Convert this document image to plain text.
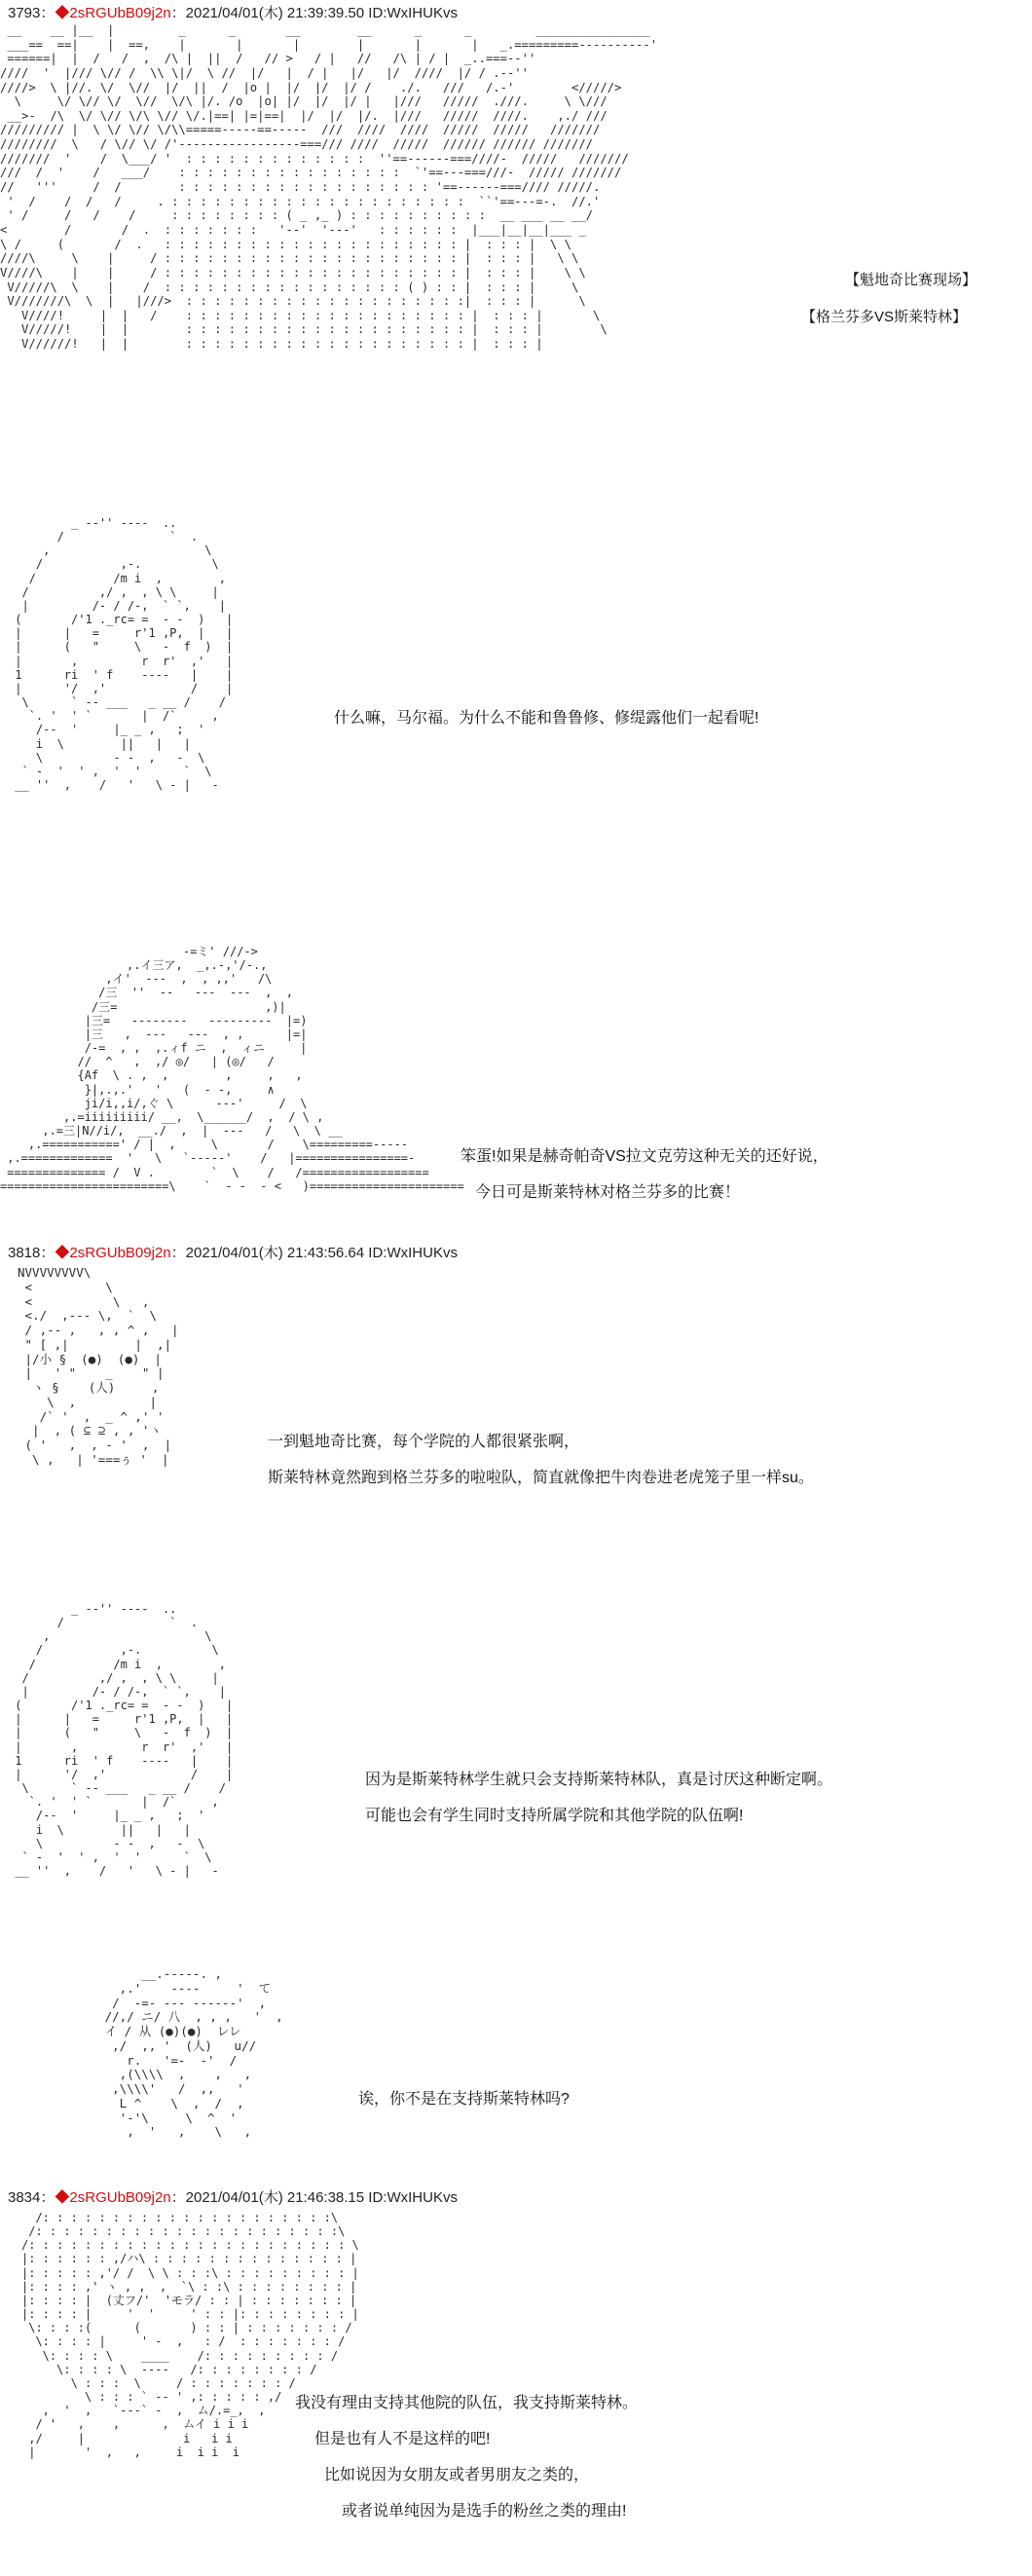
3793：◆2sRGUbB09j2n：2021/04/01(木) 21:39:39.50 ID:WxIHUKvs
__    __ |__  |         _      _       __        __      _      _         ________________
___==  ==|    |  ==,    |       |       |        |       |       |   _.=========----------'
======|  |  /   /  ,  /\ |  ||  /   // >   / |   //   /\ | / |  _..===--''
////  '  |/// \// /  \\ \|/  \ //  |/   |  / |   |/   |/  ////  |/ / .--''
////>  \ |//. \/  \//  |/  ||  /  |o |  |/  |/  |/ /    ./.   ///   /.-'        </////>
\     \/ \// \/  \//  \/\ |/. /o  |o| |/  |/  |/ |   |///   /////  .///.     \ \///
__>-  /\  \/ \// \/\ \// \/.|==| |=|==|  |/  |/  |/.  |///   /////  ////.    ,./ ///
///////// |  \ \/ \// \/\\=====-----==-----  ///  ////  ////  /////  /////   ///////
////////  \   / \// \/ /'-----------------===/// ////  /////  ////// ////// ///////
///////  '    /  \___/ '  : : : : : : : : : : : : :  ''==------===////-  /////   ///////
///  /  '    /   ___/    : : : : : : : : : : : : : : : :  `'==---===///-  ///// ///////
//   '''     /  /        : : : : : : : : : : : : : : : : : : '==------===//// /////.
'  /    /  /   /     . : : : : : : : : : : : : : : : : : : : : :  ``'==---=-.  //.'
' /     /   /    /     : : : : : : : : ( _ ,_ ) : : : : : : : : : :  __ ___ __ __/
<        /       /  .  : : : : : : :   '--'  '---'   : : : : : :  |___|__|__|___ _
\ /     (       /  .   : : : : : : : : : : : : : : : : : : : : : |  : : : |  \ \
////\     \    |     / : : : : : : : : : : : : : : : : : : : : : |  : : : |   \ \
V////\    |    |     / : : : : : : : : : : : : : : : : : : : : : |  : : : |    \ \
V/////\  \    |    /  : : : : : : : : : : : : : : : : : ( ) : : |  : : : |     \
V///////\  \  |   |///>  : : : : : : : : : : : : : : : : : : : :|  : : : |      \
V////!     |  |   /    : : : : : : : : : : : : : : : : : : : : |  : : : |       \
V/////!    |  |        : : : : : : : : : : : : : : : : : : : : |  : : : |        \
V//////!   |  |        : : : : : : : : : : : : : : : : : : : : |  : : : |

【魁地奇比赛现场】
【格兰芬多VS斯莱特林】
_ --'' ----  ..
/               `  .
,                      \
/           ,-.          \
/           /m i  ,        ,
/          ,/ ,  , \ \     |
|         /- / /-,  ` `,    |
(       /'1 ._rc= =  - -  )   |
|      |   =     r'1 ,P,  |   |
|      (   "     \   -  f  )  |
|       ,         r  r'  ,'   |
1      ri  ' f    ----   |    |
|      '/  ,'            /    |
\      ` -- ___   _ __ /    /
`. '  ' `       |  /`     ,
/--  '     |_ _ ,   ;  '
i  \        ||   |   |
\          - -  ,   -  \
` -  '  ' ,  '  '      `  \
__ ''  ,    /   '   \ - |   -

什么嘛，马尔福。为什么不能和鲁鲁修、修缇露他们一起看呢!
-=ミ' ///->
,.イ三ア,  _,.-,'/-.,
,イ'  ---  ,  , ,,'   /\
/三  ''  --   ---  ---  ,  ,
/三=                     ,)|
|三=   --------   ---------  |=)
|三   ,  ---   ---  , ,      |=|
/-=  , ,  ,.ィf ニ  ,  ィニ     |
//  ^   ,  ,/ ◎/   | (◎/   /
{Af  \ . ,  ,        ,     ,   ,
}|,.,.'   '   (  - -,     ∧
ji/i,,i/,ぐ \      ---'     /  \
,.=iiiiiiiii/ __,  \______/  ,  / \ ,
,.=三|N//i/,  __./  ,  |  ---   /   \  \ __
,.===========' / |  ,     \       /    \=========-----
,.=============  '   \   `-----'    /   |================-
============== /  V .        `  \    /   /==================
========================\    `  - -  - <   )======================

笨蛋!如果是赫奇帕奇VS拉文克劳这种无关的还好说，
今日可是斯莱特林对格兰芬多的比赛！
3818：◆2sRGUbB09j2n：2021/04/01(木) 21:43:56.64 ID:WxIHUKvs
NVVVVVVVV\
<          \
<           \   ,
<./  ,--- \,  `  \
/ ,-- ,   , , ^ ,   |
" [ ,|         |  ,|
|/小 §  (●)  (●)  |
|   ' "    _    " |
ヽ §    (人)     ,
\  ,          |
/` '  ,  _ ^ ,' '
|  , ( ⊆ ⊇ , , 'ヽ
( '   ,  , - '  ,  |
\ ,   | '===ぅ '  |

一到魁地奇比赛，每个学院的人都很紧张啊，
斯莱特林竟然跑到格兰芬多的啦啦队，简直就像把牛肉卷进老虎笼子里一样su。
_ --'' ----  ..
/               `  .
,                      \
/           ,-.          \
/           /m i  ,        ,
/          ,/ ,  , \ \     |
|         /- / /-,  ` `,    |
(       /'1 ._rc= =  - -  )   |
|      |   =     r'1 ,P,  |   |
|      (   "     \   -  f  )  |
|       ,         r  r'  ,'   |
1      ri  ' f    ----   |    |
|      '/  ,'            /    |
\      ` -- ___   _ __ /    /
`. '  ' `       |  /`     ,
/--  '     |_ _ ,   ;  '
i  \        ||   |   |
\          - -  ,   -  \
` -  '  ' ,  '  '      `  \
__ ''  ,    /   '   \ - |   -

因为是斯莱特林学生就只会支持斯莱特林队，真是讨厌这种断定啊。
可能也会有学生同时支持所属学院和其他学院的队伍啊!
__.-----. ,
,.'    ----     '  て
/  -=- --- ------'  ,
//,/ ニ/ 八  , , ,   '  ,
イ / 从 (●)(●)  レレ
,/  ,, '  (人)   u//
r.   '=-  -'  /
,(\\\\  ,    ,   ,
,\\\\'   /  ,,   '
L ^    \  ,  /  ,
'-'\     \  ^  '
,  '   ,    \   ,

诶，你不是在支持斯莱特林吗?
3834：◆2sRGUbB09j2n：2021/04/01(木) 21:46:38.15 ID:WxIHUKvs
/: : : : : : : : : : : : : : : : : : : : :\
/: : : : : : : : : : : : : : : : : : : : : :\
/: : : : : : : : : : : : : : : : : : : : : : : \
|: : : : : : ,/ハ\ : : : : : : : : : : : : : : |
|: : : : : ,'/ /  \ \ : : :\ : : : : : : : : : |
|: : : : ,' ヽ , ,  ,  `\ : :\ : : : : : : : : |
|: : : : |  (丈フ/'  'モラ/ : : | : : : : : : : |
|: : : : |     '  '     ' : : |: : : : : : : : |
\: : : :(      (       ) : : | : : : : : : : /
\: : : : |     ' -  ,   : /  : : : : : : : /
\: : : : \    ____    /: : : : : : : : : /
\: : : : \  ----   /: : : : : : : : /
\ : : :  \     / : : : : : : : /
\ : : : ` -- ' ,: : : : : ,/
,  '  ,   `---` -  ,  ム/.=_,  ,
/ '   ,    ,      ,  ムイ i i i
,/     |              i   i i
|       '  ,   ,     i  i i  i

我没有理由支持其他院的队伍，我支持斯莱特林。
但是也有人不是这样的吧!
比如说因为女朋友或者男朋友之类的，
或者说单纯因为是选手的粉丝之类的理由!
